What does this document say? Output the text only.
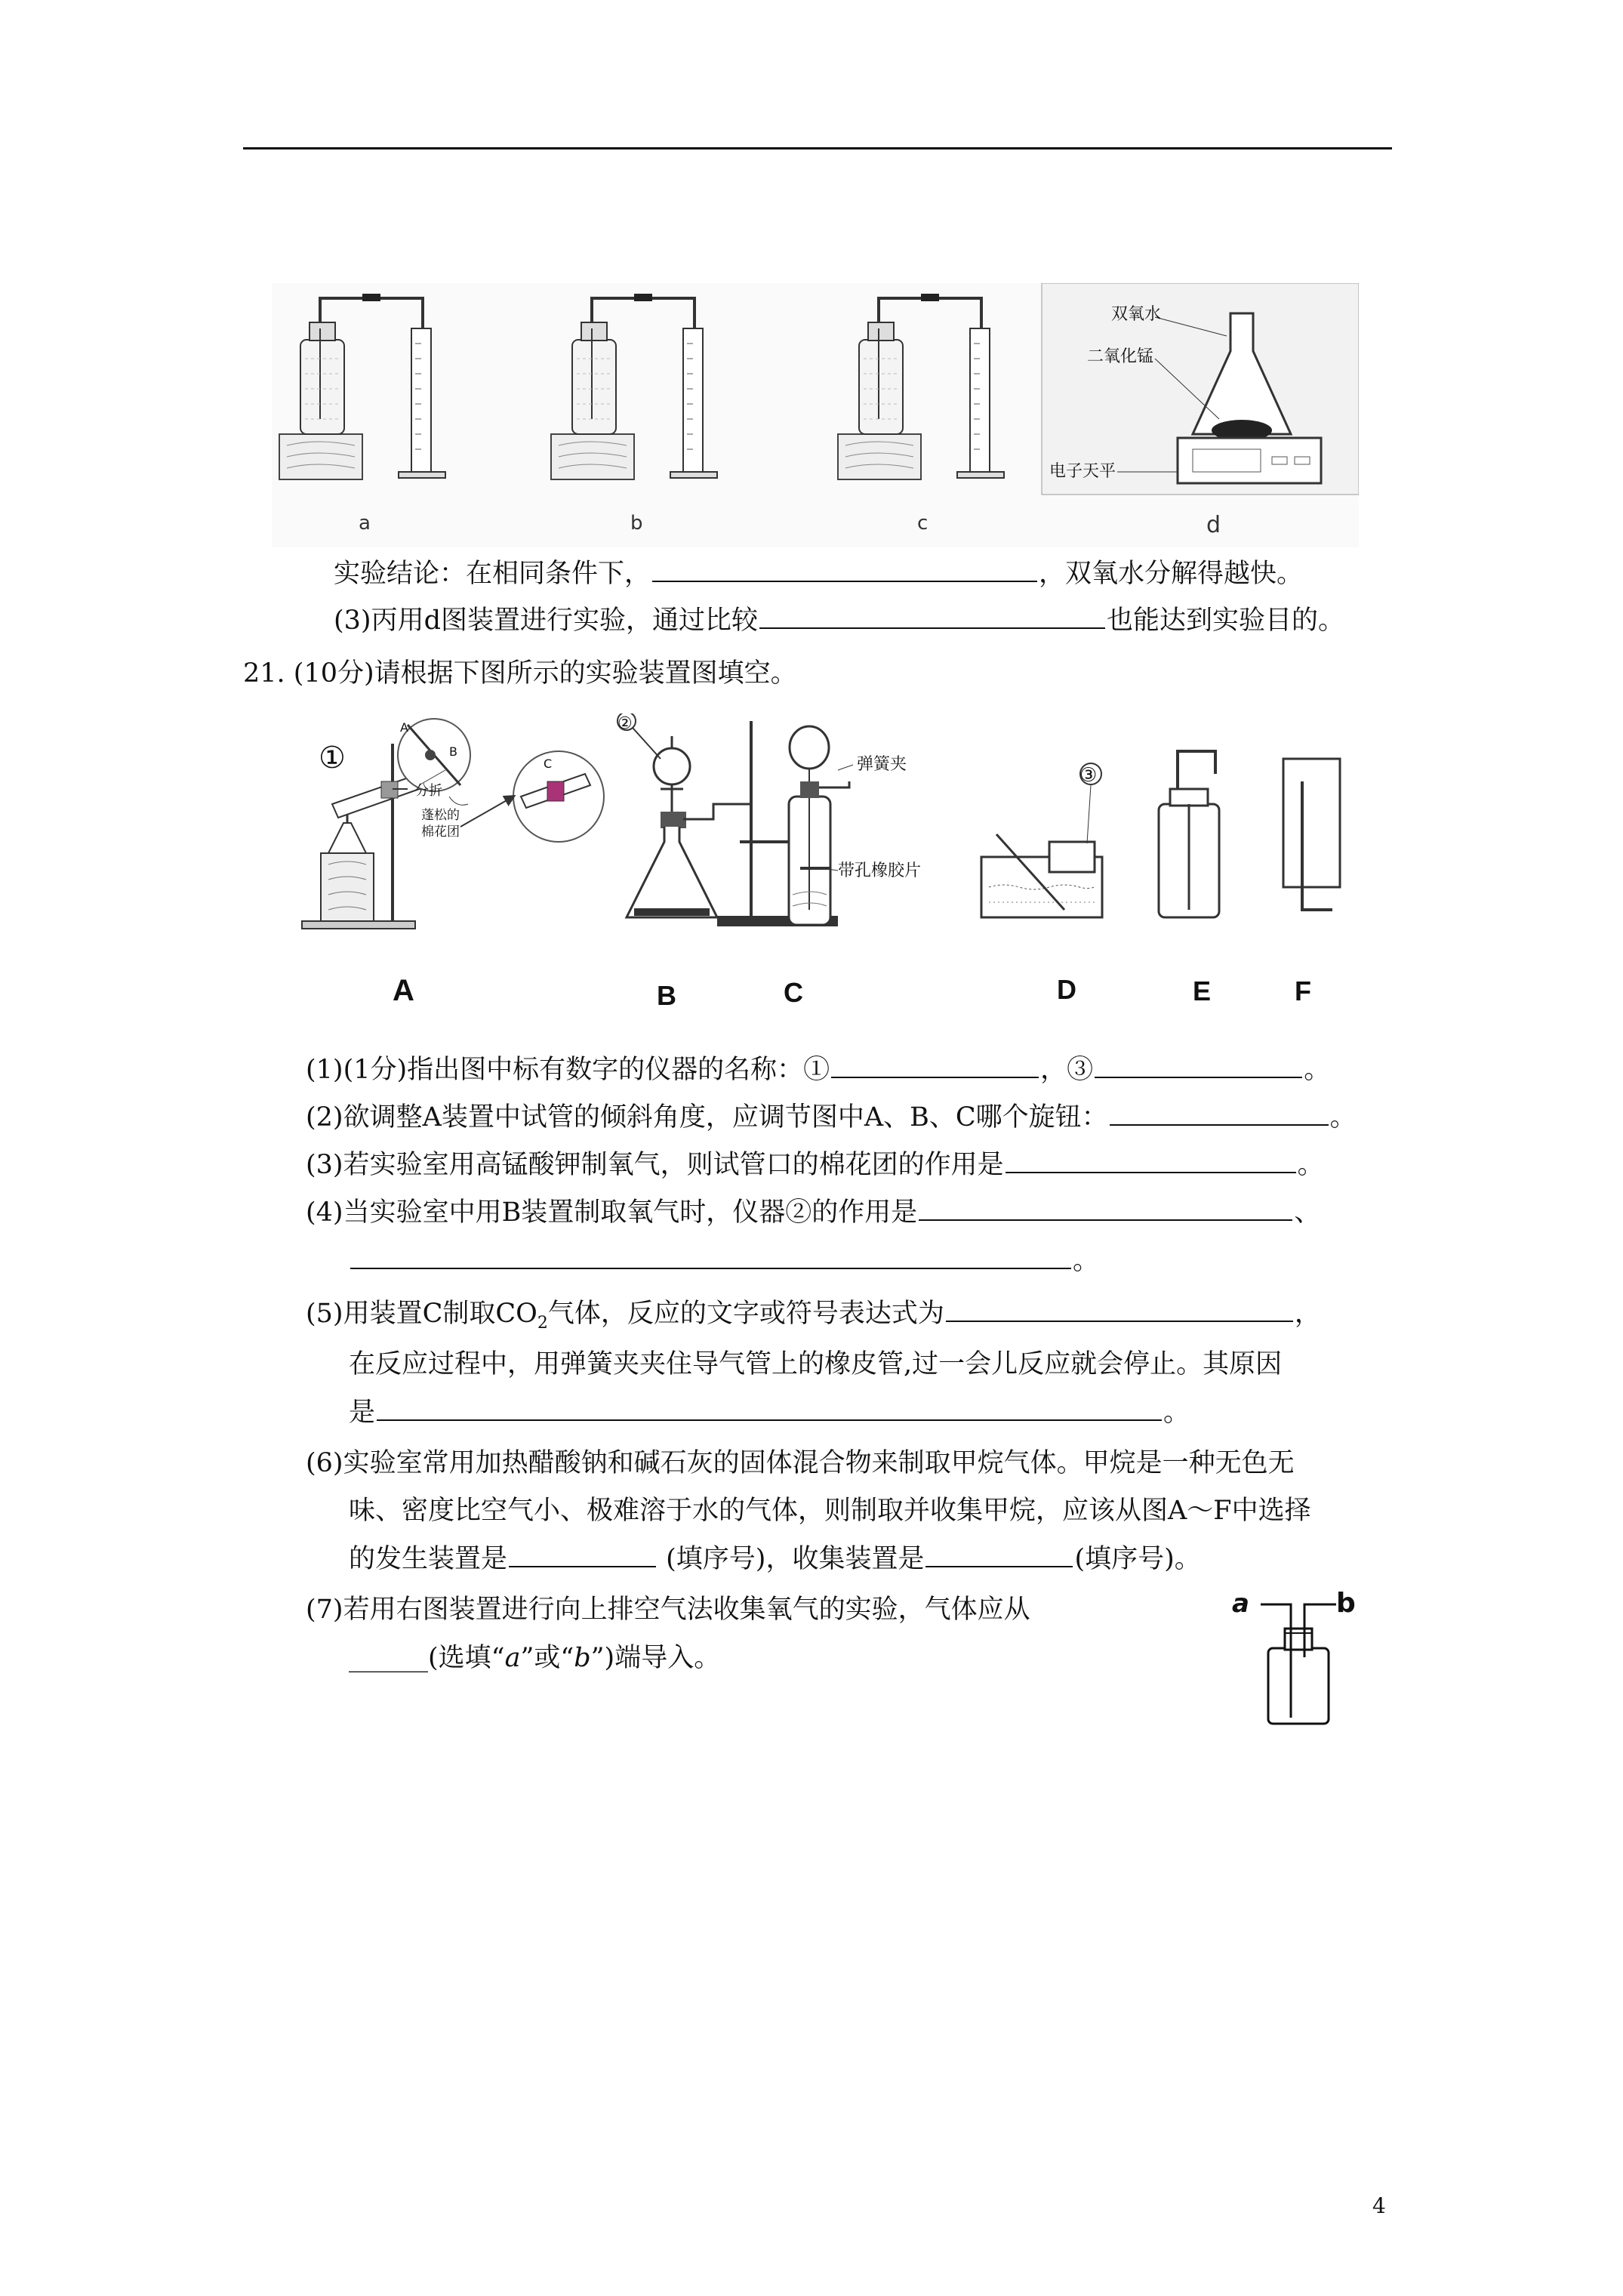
双氧水
二氧化锰
电子天平
a	b	c	d
实验结论：在相同条件下，	，双氧水分解得越快。
(3)丙用d图装置进行实验，通过比较	也能达到实验目的。
21. (10分)请根据下图所示的实验装置图填空。
①
A
B
C
分折
蓬松的
棉花团
②
弹簧夹
带孔橡胶片
③
A	B	C	D	E	F
(1)(1分)指出图中标有数字的仪器的名称：①	，③	。
(2)欲调整A装置中试管的倾斜角度，应调节图中A、B、C哪个旋钮：	。
(3)若实验室用高锰酸钾制氧气，则试管口的棉花团的作用是	。
(4)当实验室中用B装置制取氧气时，仪器②的作用是	、
。
(5)用装置C制取$CO_2$气体，反应的文字或符号表达式为	，
在反应过程中，用弹簧夹夹住导气管上的橡皮管,过一会儿反应就会停止。其原因
是	。
(6)实验室常用加热醋酸钠和碱石灰的固体混合物来制取甲烷气体。甲烷是一种无色无
味、密度比空气小、极难溶于水的气体，则制取并收集甲烷，应该从图A～F中选择
的发生装置是	(填序号)，收集装置是	(填序号)。
(7)若用右图装置进行向上排空气法收集氧气的实验，气体应从
______(选填“a”或“b”)端导入。
a	b
4
